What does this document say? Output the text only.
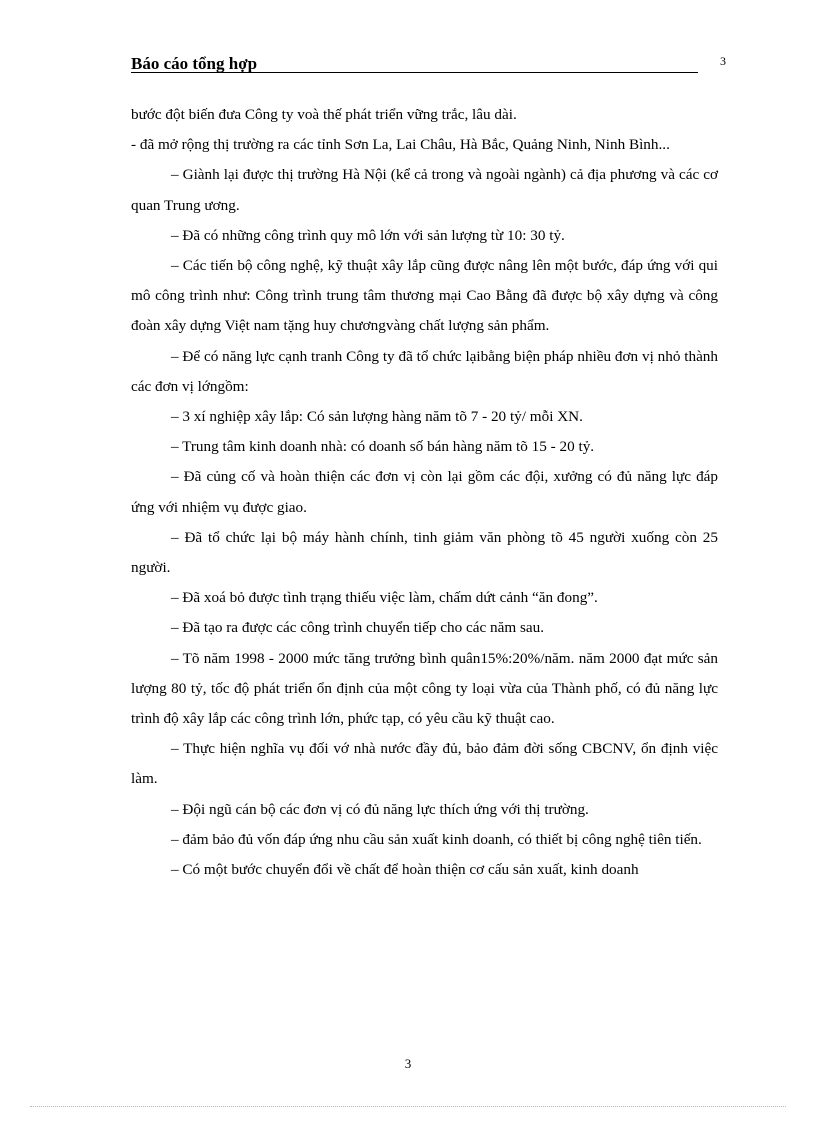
Báo cáo tổng hợp	3

bước đột biến đưa Công ty voà thế phát triển vững trắc, lâu dài.

- đã mở rộng thị trường ra các tỉnh Sơn La, Lai Châu, Hà Bắc, Quảng Ninh, Ninh Bình...

– Giành lại được thị trường Hà Nội (kể cả trong và ngoài ngành) cả địa phương và các cơ quan Trung ương.

– Đã có những công trình quy mô lớn với sản lượng từ 10: 30 tỷ.

– Các tiến bộ công nghệ, kỹ thuật xây lắp cũng được nâng lên một bước, đáp ứng với qui mô công trình như: Công trình trung tâm thương mại Cao Bằng đã được bộ xây dựng và công đoàn xây dựng Việt nam tặng huy chươngvàng chất lượng sản phẩm.

– Để có năng lực cạnh tranh Công ty đã tổ chức lạibằng biện pháp nhiều đơn vị nhỏ thành các đơn vị lớngồm:

– 3 xí nghiệp xây lắp: Có sản lượng hàng năm tõ 7 - 20 tỷ/ mỗi XN.

– Trung tâm kinh doanh nhà: có doanh số bán hàng năm tõ 15 - 20 tỷ.

– Đã củng cố và hoàn thiện các đơn vị còn lại gồm các đội, xưởng có đủ năng lực đáp ứng với nhiệm vụ được giao.

– Đã tổ chức lại bộ máy hành chính, tinh giảm văn phòng tõ 45 người xuống còn 25 người.

– Đã xoá bỏ được tình trạng thiếu việc làm, chấm dứt cảnh “ăn đong”.

– Đã tạo ra được các công trình chuyển tiếp cho các năm sau.

– Tõ năm 1998 - 2000 mức tăng trưởng bình quân15%:20%/năm. năm 2000 đạt mức sản lượng 80 tỷ, tốc độ phát triển ổn định của một công ty loại vừa của Thành phố, có đủ năng lực trình độ xây lắp các công trình lớn, phức tạp, có yêu cầu kỹ thuật cao.

– Thực hiện nghĩa vụ đối vớ nhà nước đầy đủ, bảo đảm đời sống CBCNV, ổn định việc làm.

– Đội ngũ cán bộ các đơn vị có đủ năng lực thích ứng với thị trường.

– đảm bảo đủ vốn đáp ứng nhu cầu sản xuất kinh doanh, có thiết bị công nghệ tiên tiến.

– Có một bước chuyển đổi về chất để hoàn thiện cơ cấu sản xuất, kinh doanh

3
